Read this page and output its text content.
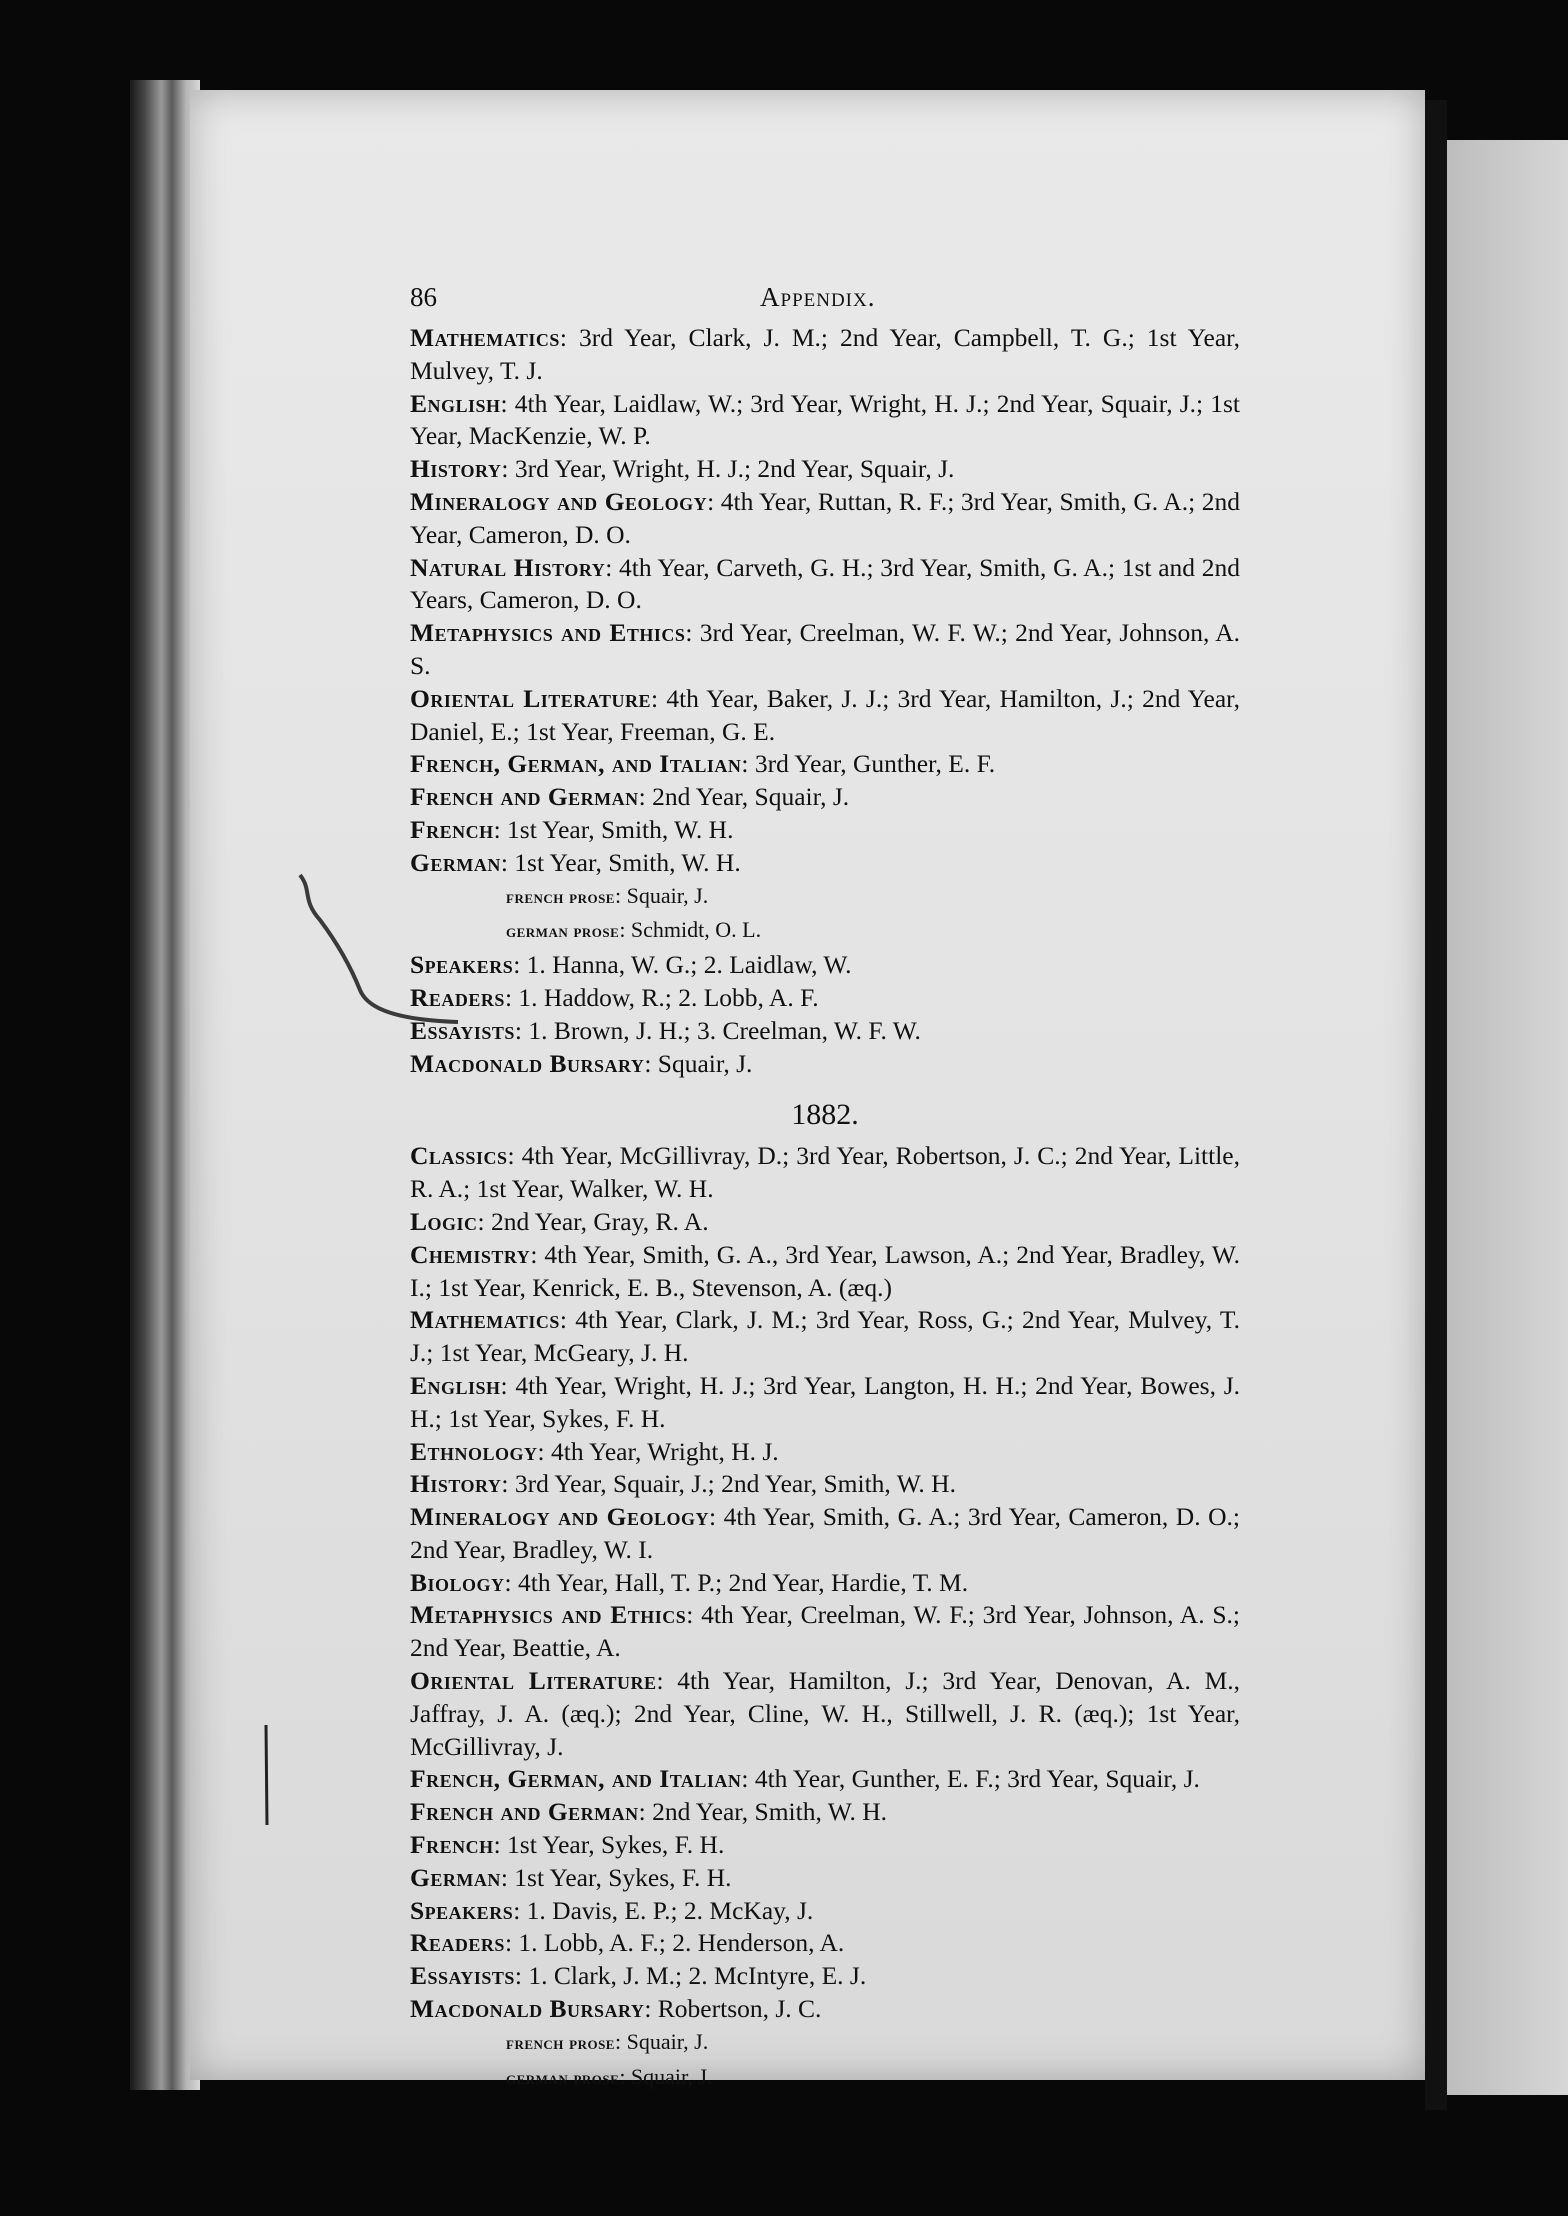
86	Appendix.
Mathematics: 3rd Year, Clark, J. M.; 2nd Year, Campbell, T. G.; 1st Year, Mulvey, T. J.
English: 4th Year, Laidlaw, W.; 3rd Year, Wright, H. J.; 2nd Year, Squair, J.; 1st Year, MacKenzie, W. P.
History: 3rd Year, Wright, H. J.; 2nd Year, Squair, J.
Mineralogy and Geology: 4th Year, Ruttan, R. F.; 3rd Year, Smith, G. A.; 2nd Year, Cameron, D. O.
Natural History: 4th Year, Carveth, G. H.; 3rd Year, Smith, G. A.; 1st and 2nd Years, Cameron, D. O.
Metaphysics and Ethics: 3rd Year, Creelman, W. F. W.; 2nd Year, Johnson, A. S.
Oriental Literature: 4th Year, Baker, J. J.; 3rd Year, Hamilton, J.; 2nd Year, Daniel, E.; 1st Year, Freeman, G. E.
French, German, and Italian: 3rd Year, Gunther, E. F.
French and German: 2nd Year, Squair, J.
French: 1st Year, Smith, W. H.
German: 1st Year, Smith, W. H.
french prose: Squair, J.
german prose: Schmidt, O. L.
Speakers: 1. Hanna, W. G.; 2. Laidlaw, W.
Readers: 1. Haddow, R.; 2. Lobb, A. F.
Essayists: 1. Brown, J. H.; 3. Creelman, W. F. W.
Macdonald Bursary: Squair, J.
1882.
Classics: 4th Year, McGillivray, D.; 3rd Year, Robertson, J. C.; 2nd Year, Little, R. A.; 1st Year, Walker, W. H.
Logic: 2nd Year, Gray, R. A.
Chemistry: 4th Year, Smith, G. A., 3rd Year, Lawson, A.; 2nd Year, Bradley, W. I.; 1st Year, Kenrick, E. B., Stevenson, A. (æq.)
Mathematics: 4th Year, Clark, J. M.; 3rd Year, Ross, G.; 2nd Year, Mulvey, T. J.; 1st Year, McGeary, J. H.
English: 4th Year, Wright, H. J.; 3rd Year, Langton, H. H.; 2nd Year, Bowes, J. H.; 1st Year, Sykes, F. H.
Ethnology: 4th Year, Wright, H. J.
History: 3rd Year, Squair, J.; 2nd Year, Smith, W. H.
Mineralogy and Geology: 4th Year, Smith, G. A.; 3rd Year, Cameron, D. O.; 2nd Year, Bradley, W. I.
Biology: 4th Year, Hall, T. P.; 2nd Year, Hardie, T. M.
Metaphysics and Ethics: 4th Year, Creelman, W. F.; 3rd Year, Johnson, A. S.; 2nd Year, Beattie, A.
Oriental Literature: 4th Year, Hamilton, J.; 3rd Year, Denovan, A. M., Jaffray, J. A. (æq.); 2nd Year, Cline, W. H., Stillwell, J. R. (æq.); 1st Year, McGillivray, J.
French, German, and Italian: 4th Year, Gunther, E. F.; 3rd Year, Squair, J.
French and German: 2nd Year, Smith, W. H.
French: 1st Year, Sykes, F. H.
German: 1st Year, Sykes, F. H.
Speakers: 1. Davis, E. P.; 2. McKay, J.
Readers: 1. Lobb, A. F.; 2. Henderson, A.
Essayists: 1. Clark, J. M.; 2. McIntyre, E. J.
Macdonald Bursary: Robertson, J. C.
french prose: Squair, J.
german prose: Squair, J.
